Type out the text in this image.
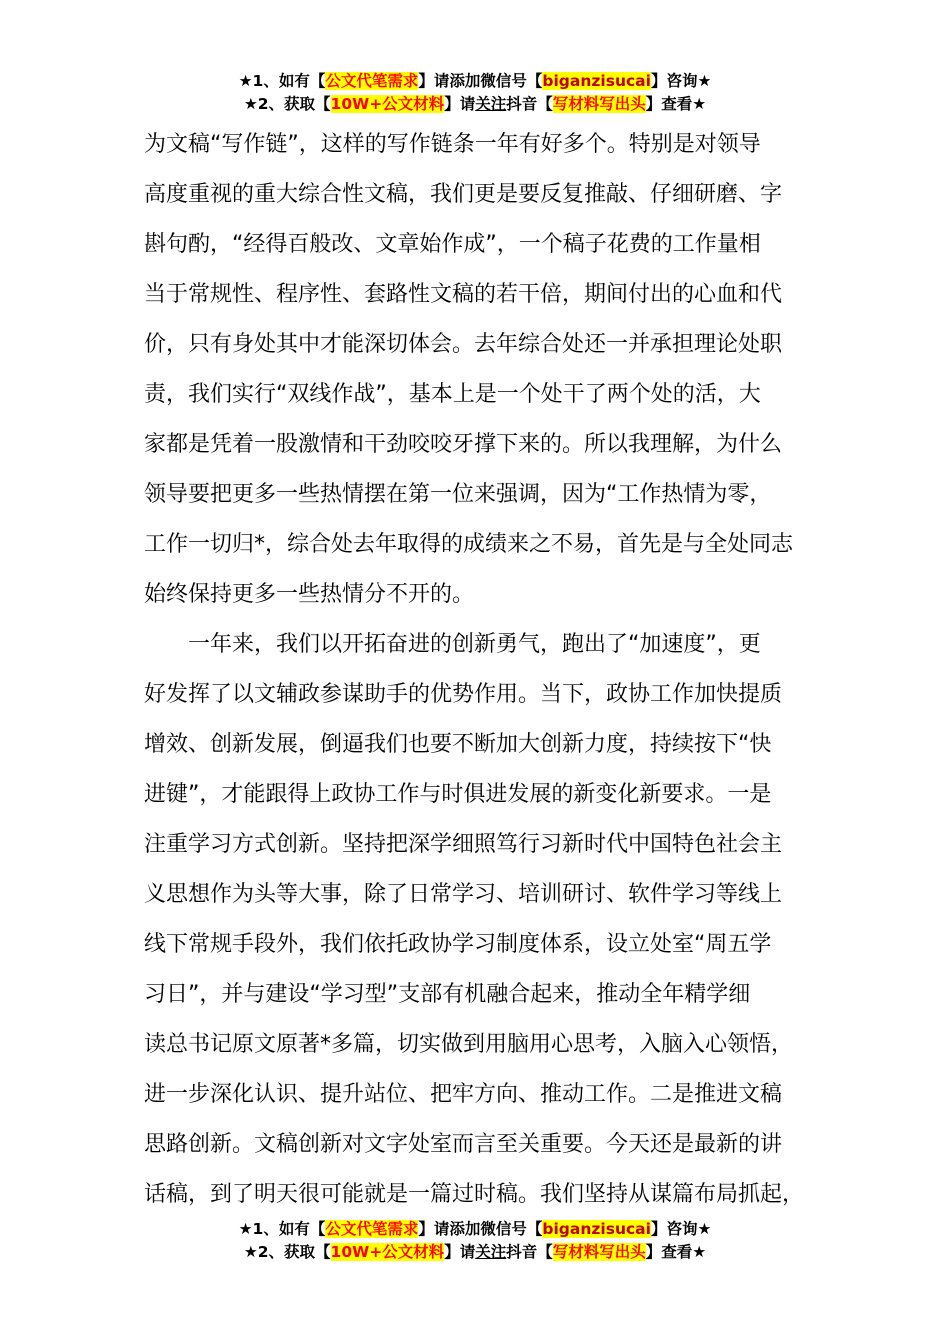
★1、如有【公文代笔需求】请添加微信号【biganzisucai】咨询★
★2、获取【10W+公文材料】请关注抖音【写材料写出头】查看★
为文稿“写作链”，这样的写作链条一年有好多个。特别是对领导
高度重视的重大综合性文稿，我们更是要反复推敲、仔细研磨、字
斟句酌，“经得百般改、文章始作成”，一个稿子花费的工作量相
当于常规性、程序性、套路性文稿的若干倍，期间付出的心血和代
价，只有身处其中才能深切体会。去年综合处还一并承担理论处职
责，我们实行“双线作战”，基本上是一个处干了两个处的活，大
家都是凭着一股激情和干劲咬咬牙撑下来的。所以我理解，为什么
领导要把更多一些热情摆在第一位来强调，因为“工作热情为零，
工作一切归*，综合处去年取得的成绩来之不易，首先是与全处同志
始终保持更多一些热情分不开的。
一年来，我们以开拓奋进的创新勇气，跑出了“加速度”，更
好发挥了以文辅政参谋助手的优势作用。当下，政协工作加快提质
增效、创新发展，倒逼我们也要不断加大创新力度，持续按下“快
进键”，才能跟得上政协工作与时俱进发展的新变化新要求。一是
注重学习方式创新。坚持把深学细照笃行习新时代中国特色社会主
义思想作为头等大事，除了日常学习、培训研讨、软件学习等线上
线下常规手段外，我们依托政协学习制度体系，设立处室“周五学
习日”，并与建设“学习型”支部有机融合起来，推动全年精学细
读总书记原文原著*多篇，切实做到用脑用心思考，入脑入心领悟，
进一步深化认识、提升站位、把牢方向、推动工作。二是推进文稿
思路创新。文稿创新对文字处室而言至关重要。今天还是最新的讲
话稿，到了明天很可能就是一篇过时稿。我们坚持从谋篇布局抓起，
★1、如有【公文代笔需求】请添加微信号【biganzisucai】咨询★
★2、获取【10W+公文材料】请关注抖音【写材料写出头】查看★
